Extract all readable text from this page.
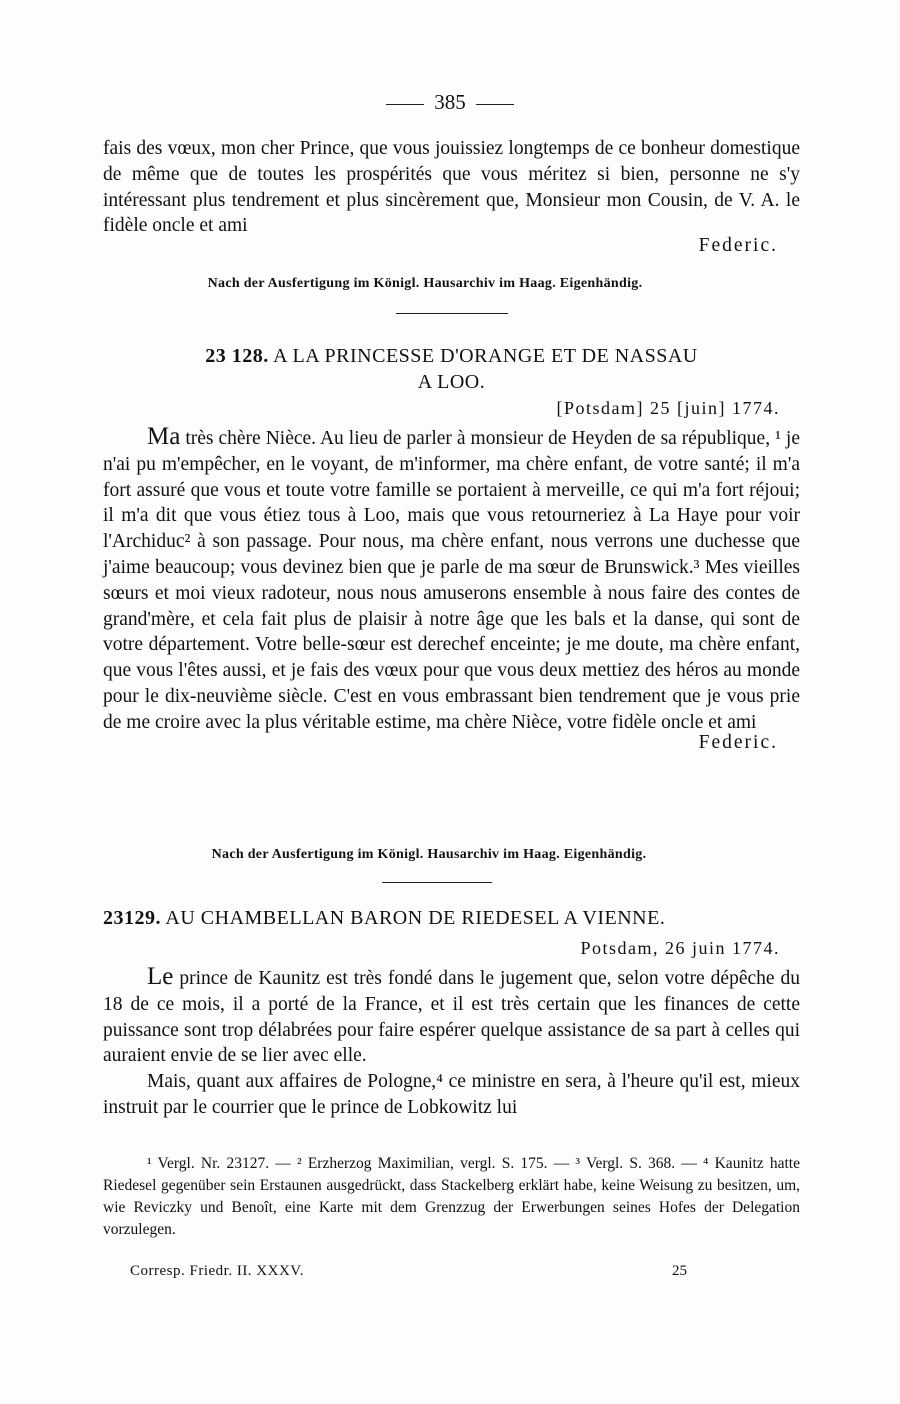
385

fais des vœux, mon cher Prince, que vous jouissiez longtemps de ce bonheur domestique de même que de toutes les prospérités que vous méritez si bien, personne ne s'y intéressant plus tendrement et plus sincèrement que, Monsieur mon Cousin, de V. A. le fidèle oncle et ami

Federic.

Nach der Ausfertigung im Königl. Hausarchiv im Haag. Eigenhändig.
23 128. A LA PRINCESSE D'ORANGE ET DE NASSAU
A LOO.
[Potsdam] 25 [juin] 1774.

Ma très chère Nièce. Au lieu de parler à monsieur de Heyden de sa république, ¹ je n'ai pu m'empêcher, en le voyant, de m'informer, ma chère enfant, de votre santé; il m'a fort assuré que vous et toute votre famille se portaient à merveille, ce qui m'a fort réjoui; il m'a dit que vous étiez tous à Loo, mais que vous retourneriez à La Haye pour voir l'Archiduc² à son passage. Pour nous, ma chère enfant, nous verrons une duchesse que j'aime beaucoup; vous devinez bien que je parle de ma sœur de Brunswick.³ Mes vieilles sœurs et moi vieux radoteur, nous nous amuserons ensemble à nous faire des contes de grand'mère, et cela fait plus de plaisir à notre âge que les bals et la danse, qui sont de votre département. Votre belle-sœur est derechef enceinte; je me doute, ma chère enfant, que vous l'êtes aussi, et je fais des vœux pour que vous deux mettiez des héros au monde pour le dix-neuvième siècle. C'est en vous embrassant bien tendrement que je vous prie de me croire avec la plus véritable estime, ma chère Nièce, votre fidèle oncle et ami

Federic.

Nach der Ausfertigung im Königl. Hausarchiv im Haag. Eigenhändig.
23129. AU CHAMBELLAN BARON DE RIEDESEL A VIENNE.
Potsdam, 26 juin 1774.

Le prince de Kaunitz est très fondé dans le jugement que, selon votre dépêche du 18 de ce mois, il a porté de la France, et il est très certain que les finances de cette puissance sont trop délabrées pour faire espérer quelque assistance de sa part à celles qui auraient envie de se lier avec elle.

Mais, quant aux affaires de Pologne,⁴ ce ministre en sera, à l'heure qu'il est, mieux instruit par le courrier que le prince de Lobkowitz lui

¹ Vergl. Nr. 23127. — ² Erzherzog Maximilian, vergl. S. 175. — ³ Vergl. S. 368. — ⁴ Kaunitz hatte Riedesel gegenüber sein Erstaunen ausgedrückt, dass Stackelberg erklärt habe, keine Weisung zu besitzen, um, wie Reviczky und Benoît, eine Karte mit dem Grenzzug der Erwerbungen seines Hofes der Delegation vorzulegen.

Corresp. Friedr. II. XXXV.	25
